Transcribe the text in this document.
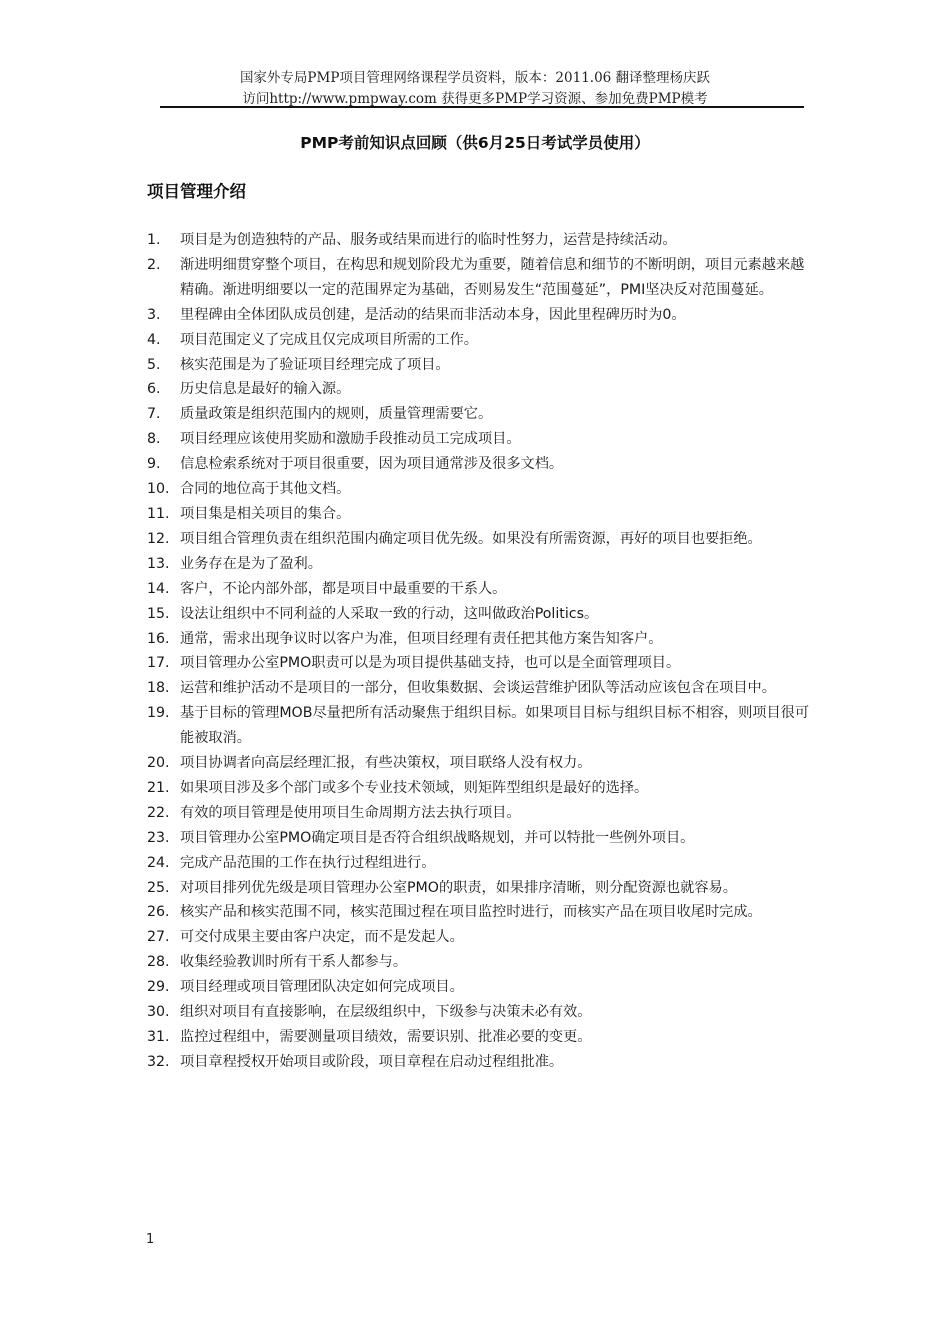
国家外专局PMP项目管理网络课程学员资料，版本：2011.06 翻译整理杨庆跃
访问http://www.pmpway.com 获得更多PMP学习资源、参加免费PMP模考
PMP考前知识点回顾（供6月25日考试学员使用）
项目管理介绍
1.	项目是为创造独特的产品、服务或结果而进行的临时性努力，运营是持续活动。
2.	渐进明细贯穿整个项目，在构思和规划阶段尤为重要，随着信息和细节的不断明朗，项目元素越来越精确。渐进明细要以一定的范围界定为基础，否则易发生“范围蔓延”，PMI坚决反对范围蔓延。
3.	里程碑由全体团队成员创建，是活动的结果而非活动本身，因此里程碑历时为0。
4.	项目范围定义了完成且仅完成项目所需的工作。
5.	核实范围是为了验证项目经理完成了项目。
6.	历史信息是最好的输入源。
7.	质量政策是组织范围内的规则，质量管理需要它。
8.	项目经理应该使用奖励和激励手段推动员工完成项目。
9.	信息检索系统对于项目很重要，因为项目通常涉及很多文档。
10. 合同的地位高于其他文档。
11. 项目集是相关项目的集合。
12. 项目组合管理负责在组织范围内确定项目优先级。如果没有所需资源，再好的项目也要拒绝。
13. 业务存在是为了盈利。
14. 客户，不论内部外部，都是项目中最重要的干系人。
15. 设法让组织中不同利益的人采取一致的行动，这叫做政治Politics。
16. 通常，需求出现争议时以客户为准，但项目经理有责任把其他方案告知客户。
17. 项目管理办公室PMO职责可以是为项目提供基础支持，也可以是全面管理项目。
18. 运营和维护活动不是项目的一部分，但收集数据、会谈运营维护团队等活动应该包含在项目中。
19. 基于目标的管理MOB尽量把所有活动聚焦于组织目标。如果项目目标与组织目标不相容，则项目很可能被取消。
20. 项目协调者向高层经理汇报，有些决策权，项目联络人没有权力。
21. 如果项目涉及多个部门或多个专业技术领域，则矩阵型组织是最好的选择。
22. 有效的项目管理是使用项目生命周期方法去执行项目。
23. 项目管理办公室PMO确定项目是否符合组织战略规划，并可以特批一些例外项目。
24. 完成产品范围的工作在执行过程组进行。
25. 对项目排列优先级是项目管理办公室PMO的职责，如果排序清晰，则分配资源也就容易。
26. 核实产品和核实范围不同，核实范围过程在项目监控时进行，而核实产品在项目收尾时完成。
27. 可交付成果主要由客户决定，而不是发起人。
28. 收集经验教训时所有干系人都参与。
29. 项目经理或项目管理团队决定如何完成项目。
30. 组织对项目有直接影响，在层级组织中，下级参与决策未必有效。
31. 监控过程组中，需要测量项目绩效，需要识别、批准必要的变更。
32. 项目章程授权开始项目或阶段，项目章程在启动过程组批准。
1
